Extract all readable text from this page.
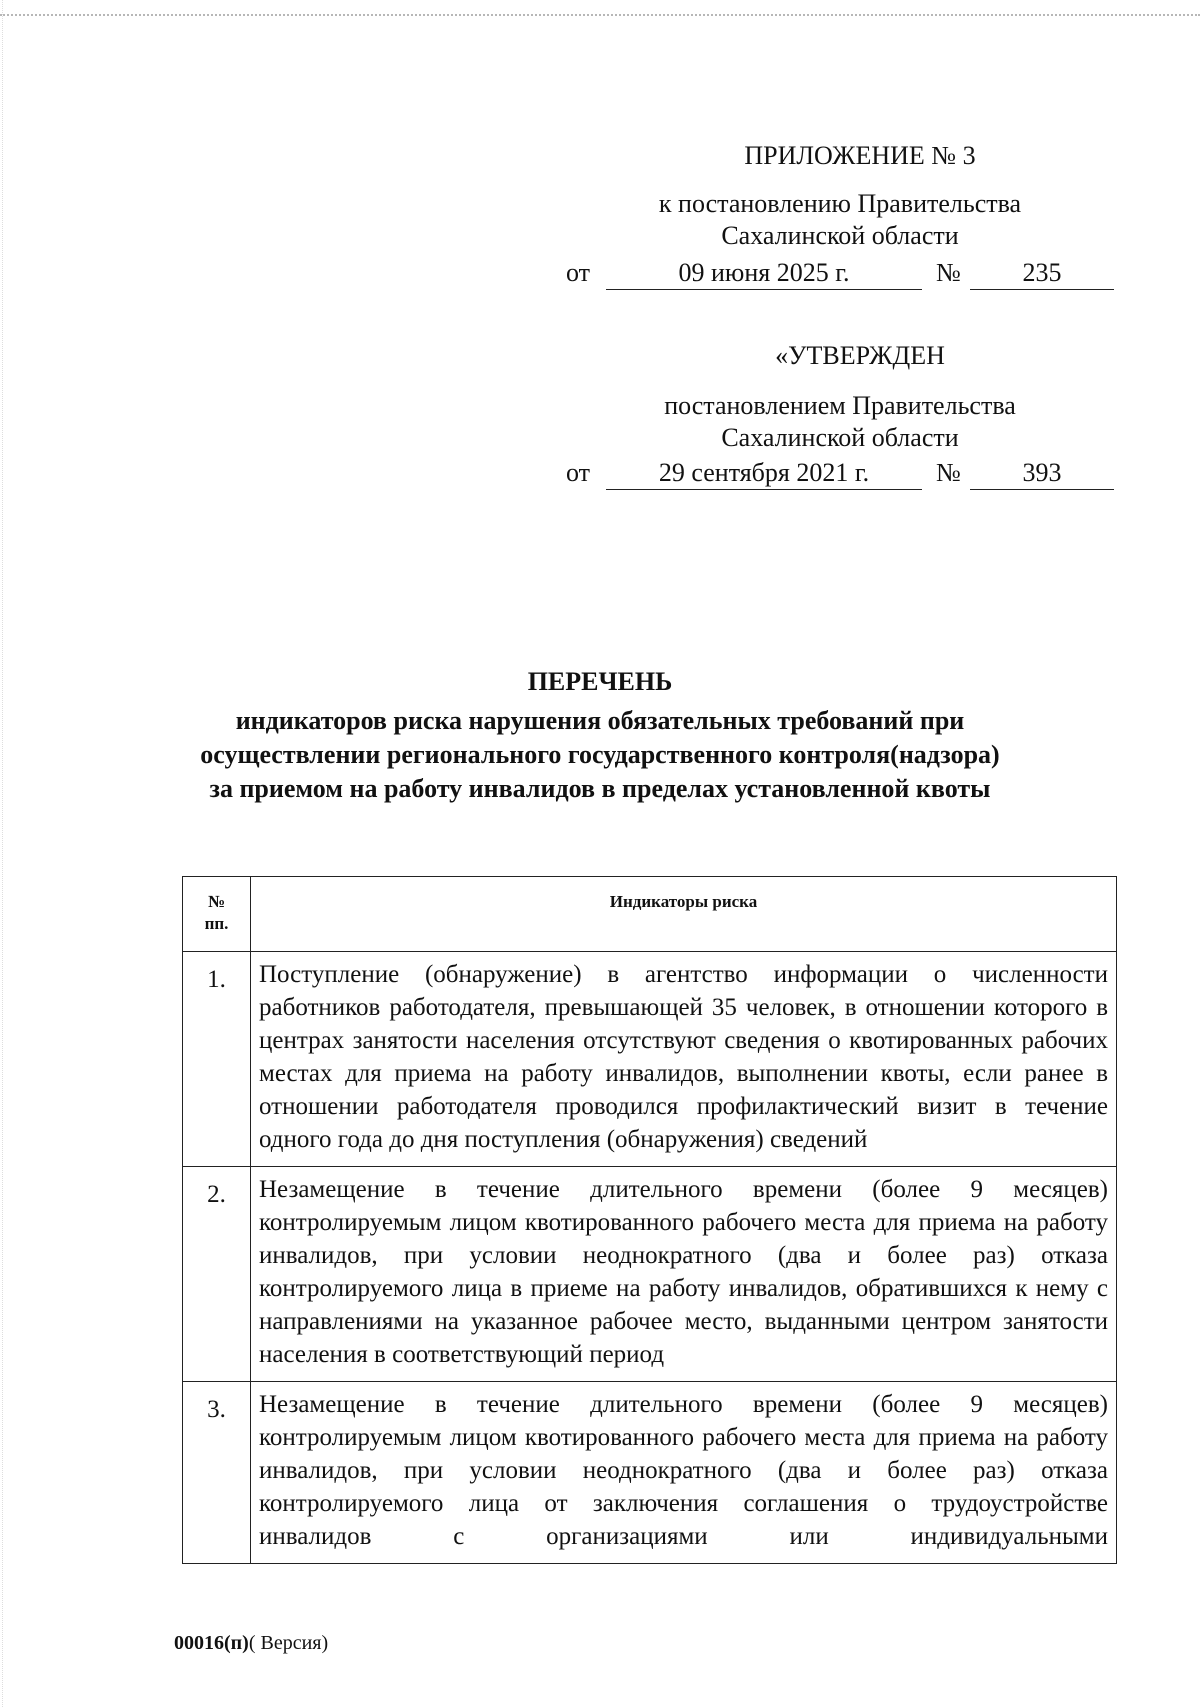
ПРИЛОЖЕНИЕ № 3
к постановлению Правительства
Сахалинской области
от	09 июня 2025 г.	№	235
«УТВЕРЖДЕН
постановлением Правительства
Сахалинской области
от	29 сентября 2021 г.	№	393
ПЕРЕЧЕНЬ
индикаторов риска нарушения обязательных требований при
осуществлении регионального государственного контроля(надзора)
за приемом на работу инвалидов в пределах установленной квоты
№
пп.	Индикаторы риска
1.	Поступление (обнаружение) в агентство информации о численности работников работодателя, превышающей 35 человек, в отношении которого в центрах занятости населения отсутствуют сведения о квотированных рабочих местах для приема на работу инвалидов, выполнении квоты, если ранее в отношении работодателя проводился профилактический визит в течение одного года до дня поступления (обнаружения) сведений
2.	Незамещение в течение длительного времени (более 9 месяцев) контролируемым лицом квотированного рабочего места для приема на работу инвалидов, при условии неоднократного (два и более раз) отказа контролируемого лица в приеме на работу инвалидов, обратившихся к нему с направлениями на указанное рабочее место, выданными центром занятости населения в соответствующий период
3.	Незамещение в течение длительного времени (более 9 месяцев) контролируемым лицом квотированного рабочего места для приема на работу инвалидов, при условии неоднократного (два и более раз) отказа контролируемого лица от заключения соглашения о трудоустройстве инвалидов с организациями или индивидуальными
00016(п)( Версия)
